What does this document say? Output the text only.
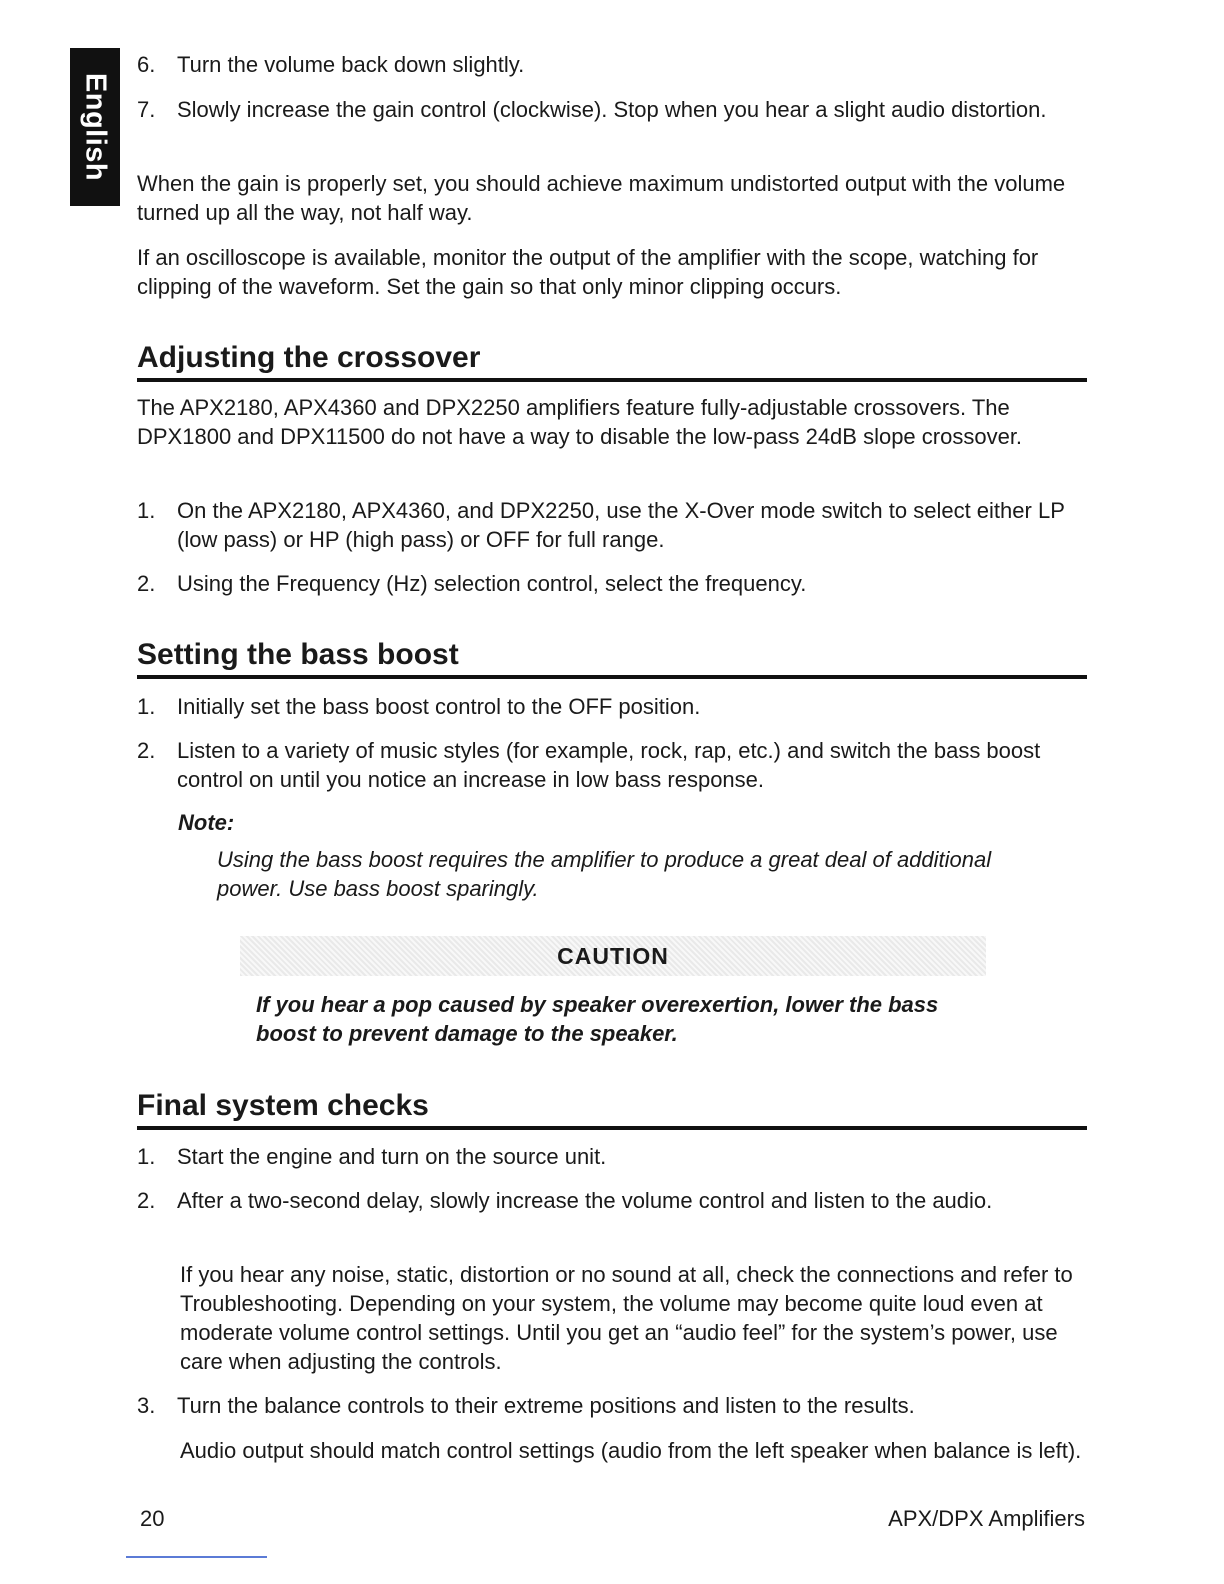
English
6. Turn the volume back down slightly.
7. Slowly increase the gain control (clockwise). Stop when you hear a slight audio distortion.

When the gain is properly set, you should achieve maximum undistorted output with the volume turned up all the way, not half way.

If an oscilloscope is available, monitor the output of the amplifier with the scope, watching for clipping of the waveform. Set the gain so that only minor clipping occurs.

Adjusting the crossover

The APX2180, APX4360 and DPX2250 amplifiers feature fully-adjustable crossovers. The DPX1800 and DPX11500 do not have a way to disable the low-pass 24dB slope crossover.

1. On the APX2180, APX4360, and DPX2250, use the X-Over mode switch to select either LP (low pass) or HP (high pass) or OFF for full range.
2. Using the Frequency (Hz) selection control, select the frequency.
Setting the bass boost
1. Initially set the bass boost control to the OFF position.
2. Listen to a variety of music styles (for example, rock, rap, etc.) and switch the bass boost control on until you notice an increase in low bass response.
Note:
Using the bass boost requires the amplifier to produce a great deal of additional power. Use bass boost sparingly.
CAUTION
If you hear a pop caused by speaker overexertion, lower the bass boost to prevent damage to the speaker.
Final system checks
1. Start the engine and turn on the source unit.
2. After a two-second delay, slowly increase the volume control and listen to the audio.

If you hear any noise, static, distortion or no sound at all, check the connections and refer to Troubleshooting. Depending on your system, the volume may become quite loud even at moderate volume control settings. Until you get an “audio feel” for the system’s power, use care when adjusting the controls.

3. Turn the balance controls to their extreme positions and listen to the results.

Audio output should match control settings (audio from the left speaker when balance is left).

20	APX/DPX Amplifiers
